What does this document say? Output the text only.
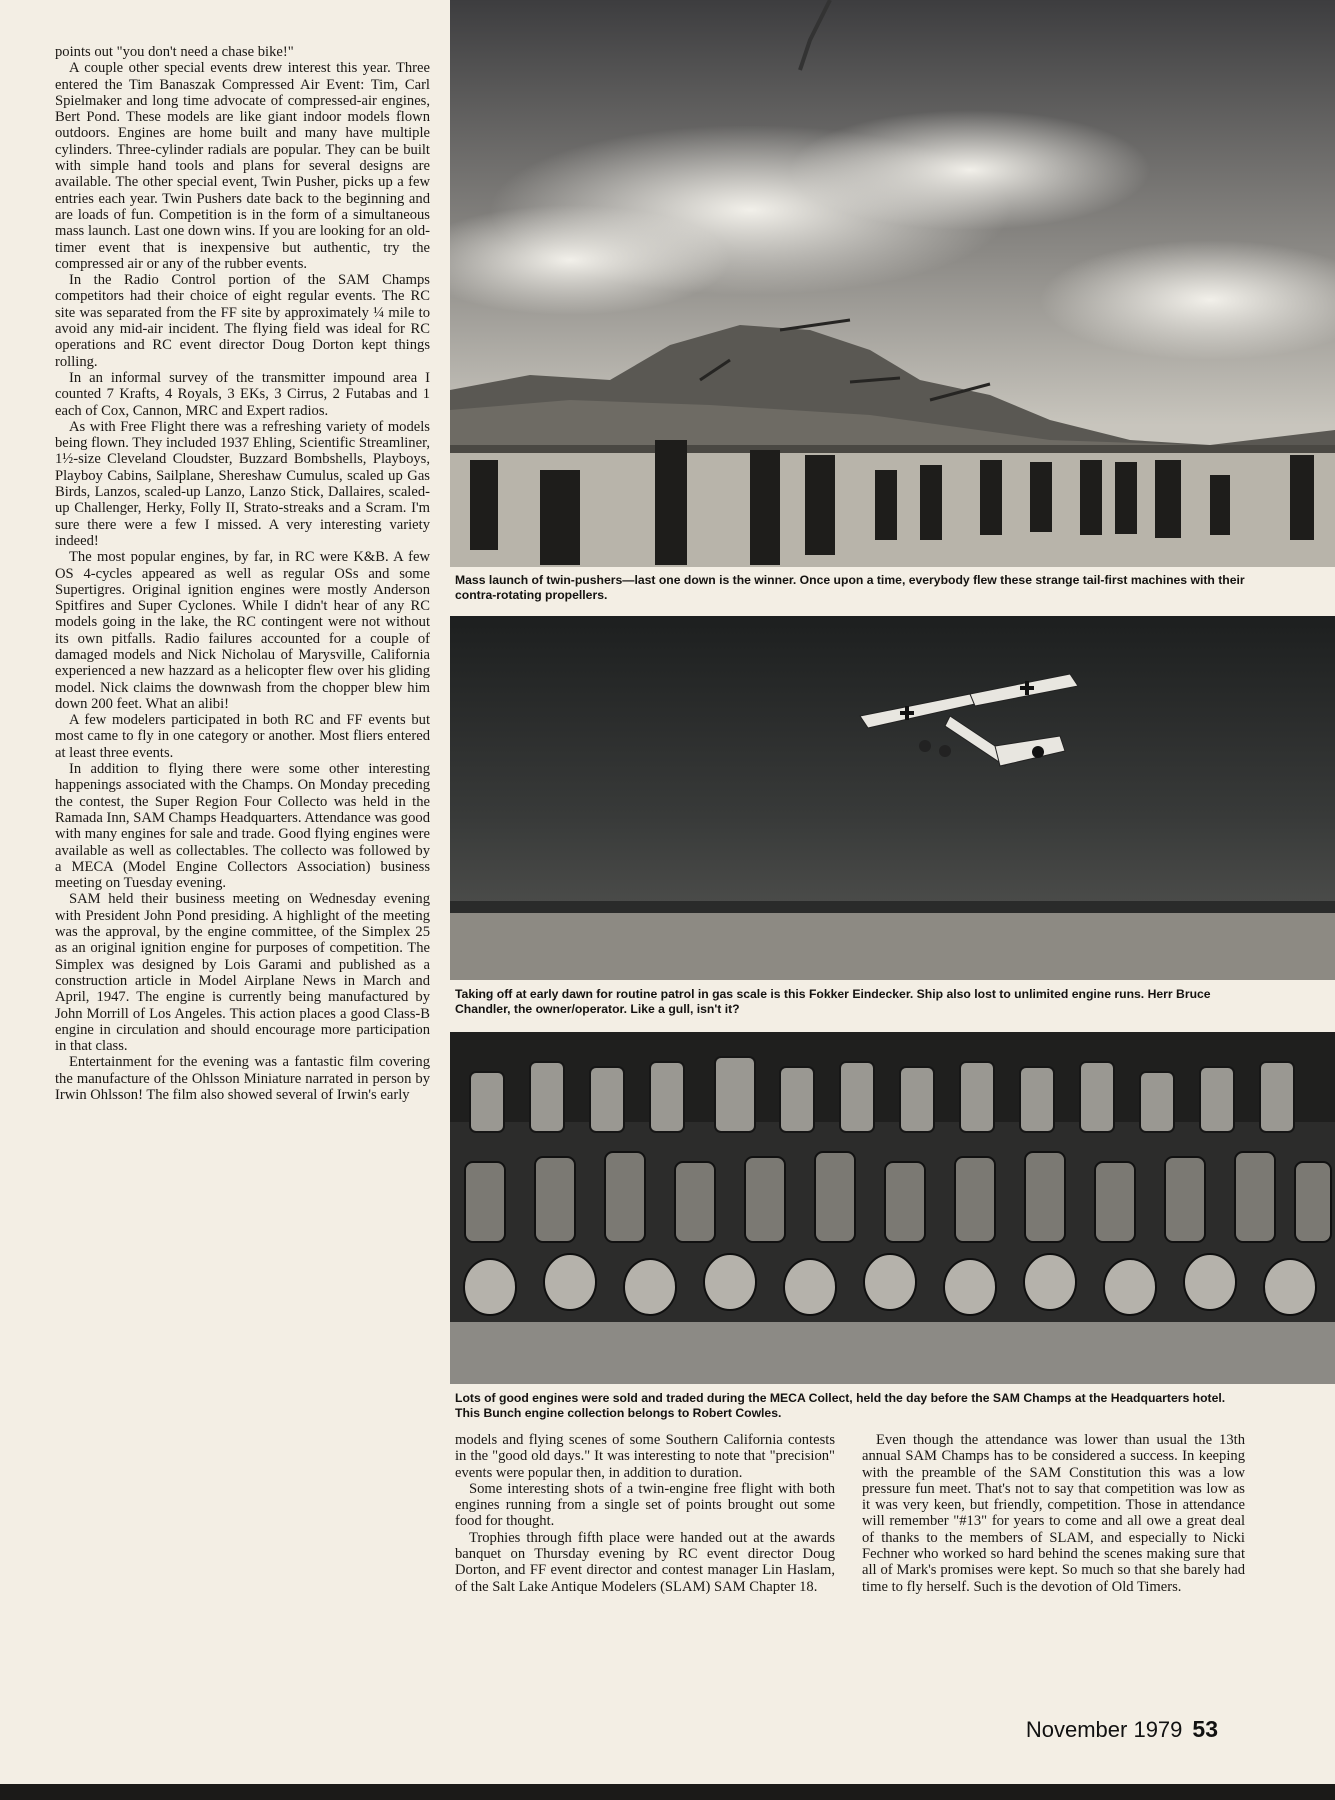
points out "you don't need a chase bike!"

A couple other special events drew interest this year. Three entered the Tim Banaszak Compressed Air Event: Tim, Carl Spielmaker and long time advocate of compressed-air engines, Bert Pond. These models are like giant indoor models flown outdoors. Engines are home built and many have multiple cylinders. Three-cylinder radials are popular. They can be built with simple hand tools and plans for several designs are available. The other special event, Twin Pusher, picks up a few entries each year. Twin Pushers date back to the beginning and are loads of fun. Competition is in the form of a simultaneous mass launch. Last one down wins. If you are looking for an old-timer event that is inexpensive but authentic, try the compressed air or any of the rubber events.

In the Radio Control portion of the SAM Champs competitors had their choice of eight regular events. The RC site was separated from the FF site by approximately ¼ mile to avoid any mid-air incident. The flying field was ideal for RC operations and RC event director Doug Dorton kept things rolling.

In an informal survey of the transmitter impound area I counted 7 Krafts, 4 Royals, 3 EKs, 3 Cirrus, 2 Futabas and 1 each of Cox, Cannon, MRC and Expert radios.

As with Free Flight there was a refreshing variety of models being flown. They included 1937 Ehling, Scientific Streamliner, 1½-size Cleveland Cloudster, Buzzard Bombshells, Playboys, Playboy Cabins, Sailplane, Shereshaw Cumulus, scaled up Gas Birds, Lanzos, scaled-up Lanzo, Lanzo Stick, Dallaires, scaled-up Challenger, Herky, Folly II, Strato-streaks and a Scram. I'm sure there were a few I missed. A very interesting variety indeed!

The most popular engines, by far, in RC were K&B. A few OS 4-cycles appeared as well as regular OSs and some Supertigres. Original ignition engines were mostly Anderson Spitfires and Super Cyclones. While I didn't hear of any RC models going in the lake, the RC contingent were not without its own pitfalls. Radio failures accounted for a couple of damaged models and Nick Nicholau of Marysville, California experienced a new hazzard as a helicopter flew over his gliding model. Nick claims the downwash from the chopper blew him down 200 feet. What an alibi!

A few modelers participated in both RC and FF events but most came to fly in one category or another. Most fliers entered at least three events.

In addition to flying there were some other interesting happenings associated with the Champs. On Monday preceding the contest, the Super Region Four Collecto was held in the Ramada Inn, SAM Champs Headquarters. Attendance was good with many engines for sale and trade. Good flying engines were available as well as collectables. The collecto was followed by a MECA (Model Engine Collectors Association) business meeting on Tuesday evening.

SAM held their business meeting on Wednesday evening with President John Pond presiding. A highlight of the meeting was the approval, by the engine committee, of the Simplex 25 as an original ignition engine for purposes of competition. The Simplex was designed by Lois Garami and published as a construction article in Model Airplane News in March and April, 1947. The engine is currently being manufactured by John Morrill of Los Angeles. This action places a good Class-B engine in circulation and should encourage more participation in that class.

Entertainment for the evening was a fantastic film covering the manufacture of the Ohlsson Miniature narrated in person by Irwin Ohlsson! The film also showed several of Irwin's early

Mass launch of twin-pushers—last one down is the winner. Once upon a time, everybody flew these strange tail-first machines with their contra-rotating propellers.
Taking off at early dawn for routine patrol in gas scale is this Fokker Eindecker. Ship also lost to unlimited engine runs. Herr Bruce Chandler, the owner/operator. Like a gull, isn't it?
Lots of good engines were sold and traded during the MECA Collect, held the day before the SAM Champs at the Headquarters hotel. This Bunch engine collection belongs to Robert Cowles.

models and flying scenes of some Southern California contests in the "good old days." It was interesting to note that "precision" events were popular then, in addition to duration.

Some interesting shots of a twin-engine free flight with both engines running from a single set of points brought out some food for thought.

Trophies through fifth place were handed out at the awards banquet on Thursday evening by RC event director Doug Dorton, and FF event director and contest manager Lin Haslam, of the Salt Lake Antique Modelers (SLAM) SAM Chapter 18.

Even though the attendance was lower than usual the 13th annual SAM Champs has to be considered a success. In keeping with the preamble of the SAM Constitution this was a low pressure fun meet. That's not to say that competition was low as it was very keen, but friendly, competition. Those in attendance will remember "#13" for years to come and all owe a great deal of thanks to the members of SLAM, and especially to Nicki Fechner who worked so hard behind the scenes making sure that all of Mark's promises were kept. So much so that she barely had time to fly herself. Such is the devotion of Old Timers.

November 1979 53
